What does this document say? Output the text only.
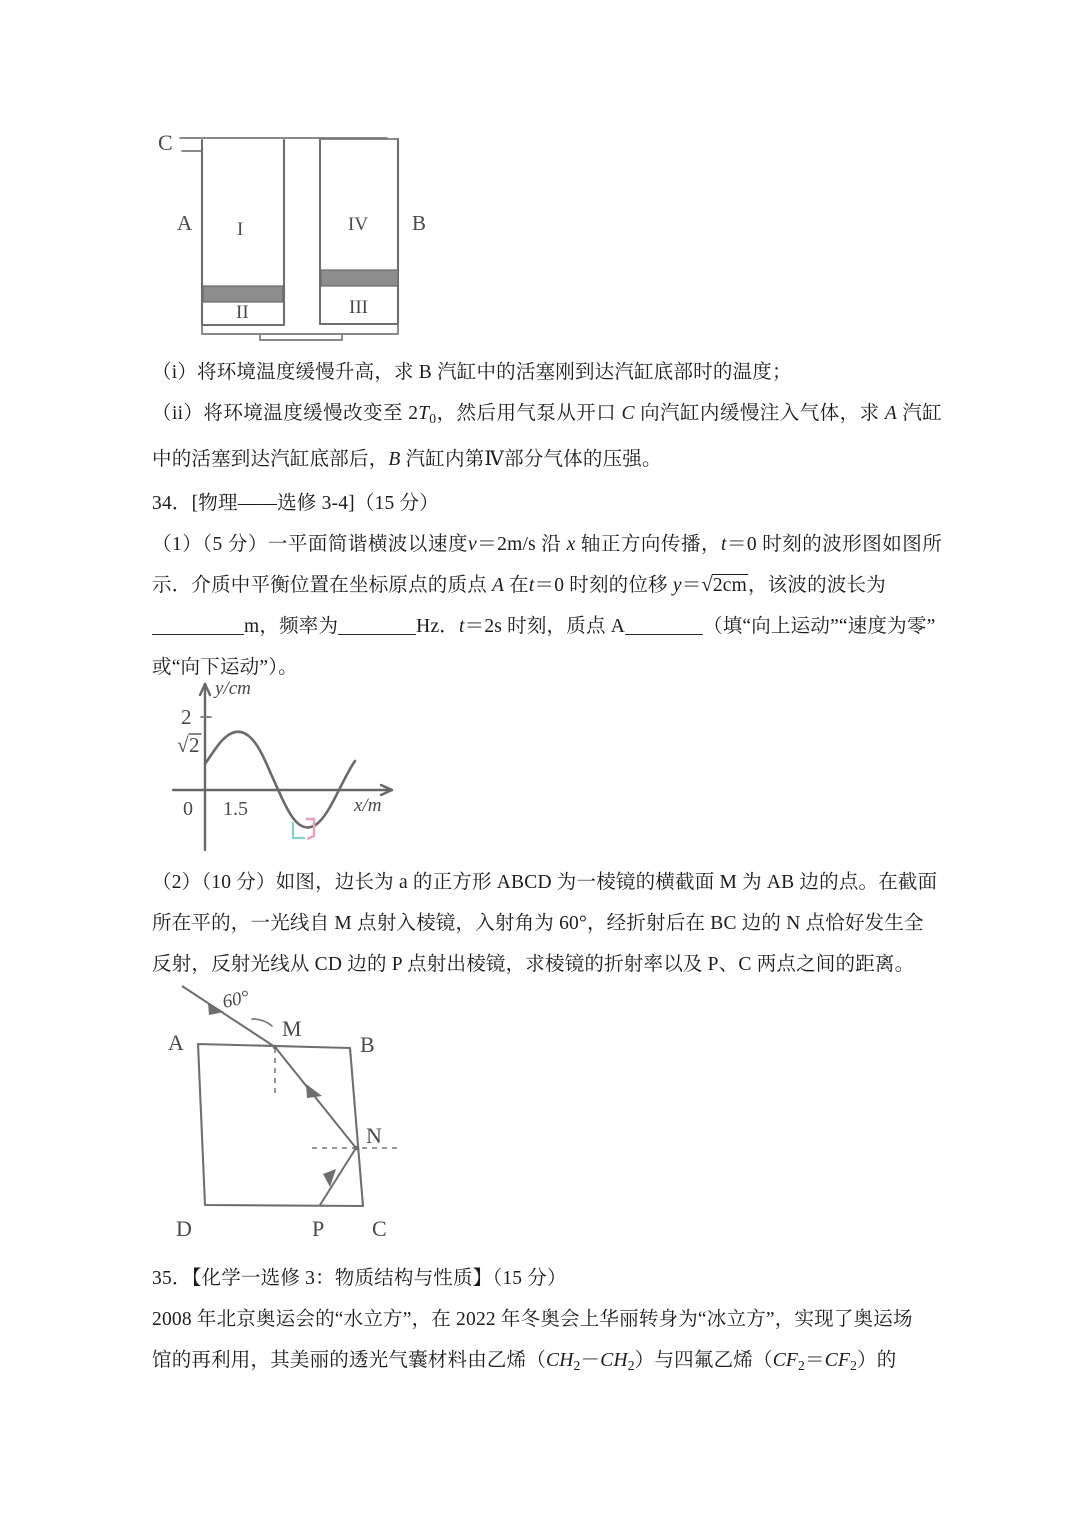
C
A	B
I
II	III
IV
（i）将环境温度缓慢升高，求 B 汽缸中的活塞刚到达汽缸底部时的温度；
（ii）将环境温度缓慢改变至 $2T_0$，然后用气泵从开口 C 向汽缸内缓慢注入气体，求 A 汽缸中的活塞到达汽缸底部后，B 汽缸内第Ⅳ部分气体的压强。
34．[物理——选修 3-4]（15 分）
（1）（5 分）一平面简谐横波以速度v＝2m/s 沿 x 轴正方向传播，t＝0 时刻的波形图如图所示．介质中平衡位置在坐标原点的质点 A 在t＝0 时刻的位移 y＝√2cm，该波的波长为
m，频率为	Hz．t＝2s 时刻，质点 A	（填“向上运动”“速度为零”
或“向下运动”）。
y/cm
x/m
2
√ 2
0 1.5
（2）（10 分）如图，边长为 a 的正方形 ABCD 为一棱镜的横截面 M 为 AB 边的点。在截面
所在平的，一光线自 M 点射入棱镜，入射角为 60°，经折射后在 BC 边的 N 点恰好发生全
反射，反射光线从 CD 边的 P 点射出棱镜，求棱镜的折射率以及 P、C 两点之间的距离。
A	B
C
D
M
N
P
60°
35．【化学一选修 3：物质结构与性质】（15 分）
2008 年北京奥运会的“水立方”，在 2022 年冬奥会上华丽转身为“冰立方”，实现了奥运场
馆的再利用，其美丽的透光气囊材料由乙烯$(CH_2-CH_2)$与四氟乙烯$(CF_2=CF_2)$的
